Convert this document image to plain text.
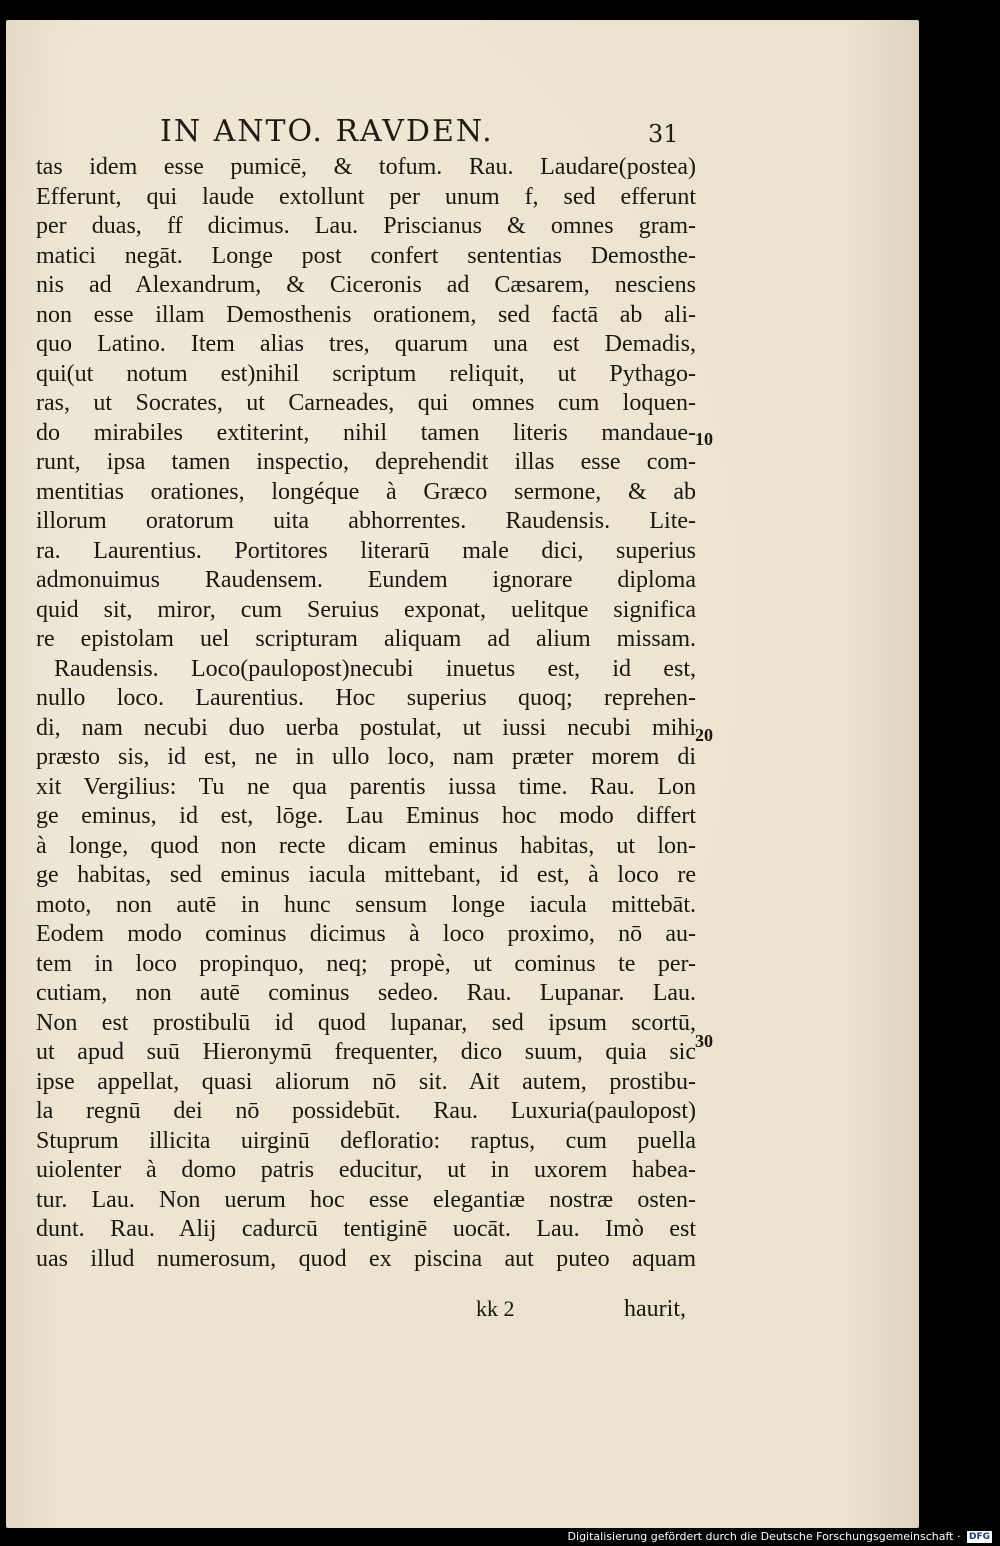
IN ANTO. RAVDEN.	31
tas idem esse pumicē, & tofum. Rau. Laudare(postea)
Efferunt, qui laude extollunt per unum f, sed efferunt
per duas, ff dicimus. Lau. Priscianus & omnes gram-
matici negāt. Longe post confert sententias Demosthe-
nis ad Alexandrum, & Ciceronis ad Cæsarem, nesciens
non esse illam Demosthenis orationem, sed factā ab ali-
quo Latino. Item alias tres, quarum una est Demadis,
qui(ut notum est)nihil scriptum reliquit, ut Pythago-
ras, ut Socrates, ut Carneades, qui omnes cum loquen-
do mirabiles extiterint, nihil tamen literis mandaue-
runt, ipsa tamen inspectio, deprehendit illas esse com-
mentitias orationes, longéque à Græco sermone, & ab
illorum oratorum uita abhorrentes. Raudensis. Lite-
ra. Laurentius. Portitores literarū male dici, superius
admonuimus Raudensem. Eundem ignorare diploma
quid sit, miror, cum Seruius exponat, uelitque significa
re epistolam uel scripturam aliquam ad alium missam.
Raudensis. Loco(paulopost)necubi inuetus est, id est,
nullo loco. Laurentius. Hoc superius quoq; reprehen-
di, nam necubi duo uerba postulat, ut iussi necubi mihi
præsto sis, id est, ne in ullo loco, nam præter morem di
xit Vergilius: Tu ne qua parentis iussa time. Rau. Lon
ge eminus, id est, lōge. Lau Eminus hoc modo differt
à longe, quod non recte dicam eminus habitas, ut lon-
ge habitas, sed eminus iacula mittebant, id est, à loco re
moto, non autē in hunc sensum longe iacula mittebāt.
Eodem modo cominus dicimus à loco proximo, nō au-
tem in loco propinquo, neq; propè, ut cominus te per-
cutiam, non autē cominus sedeo. Rau. Lupanar. Lau.
Non est prostibulū id quod lupanar, sed ipsum scortū,
ut apud suū Hieronymū frequenter, dico suum, quia sic
ipse appellat, quasi aliorum nō sit. Ait autem, prostibu-
la regnū dei nō possidebūt. Rau. Luxuria(paulopost)
Stuprum illicita uirginū defloratio: raptus, cum puella
uiolenter à domo patris educitur, ut in uxorem habea-
tur. Lau. Non uerum hoc esse elegantiæ nostræ osten-
dunt. Rau. Alij cadurcū tentiginē uocāt. Lau. Imò est
uas illud numerosum, quod ex piscina aut puteo aquam
10
20
30
kk 2	haurit,
Digitalisierung gefördert durch die Deutsche Forschungsgemeinschaft · DFG
